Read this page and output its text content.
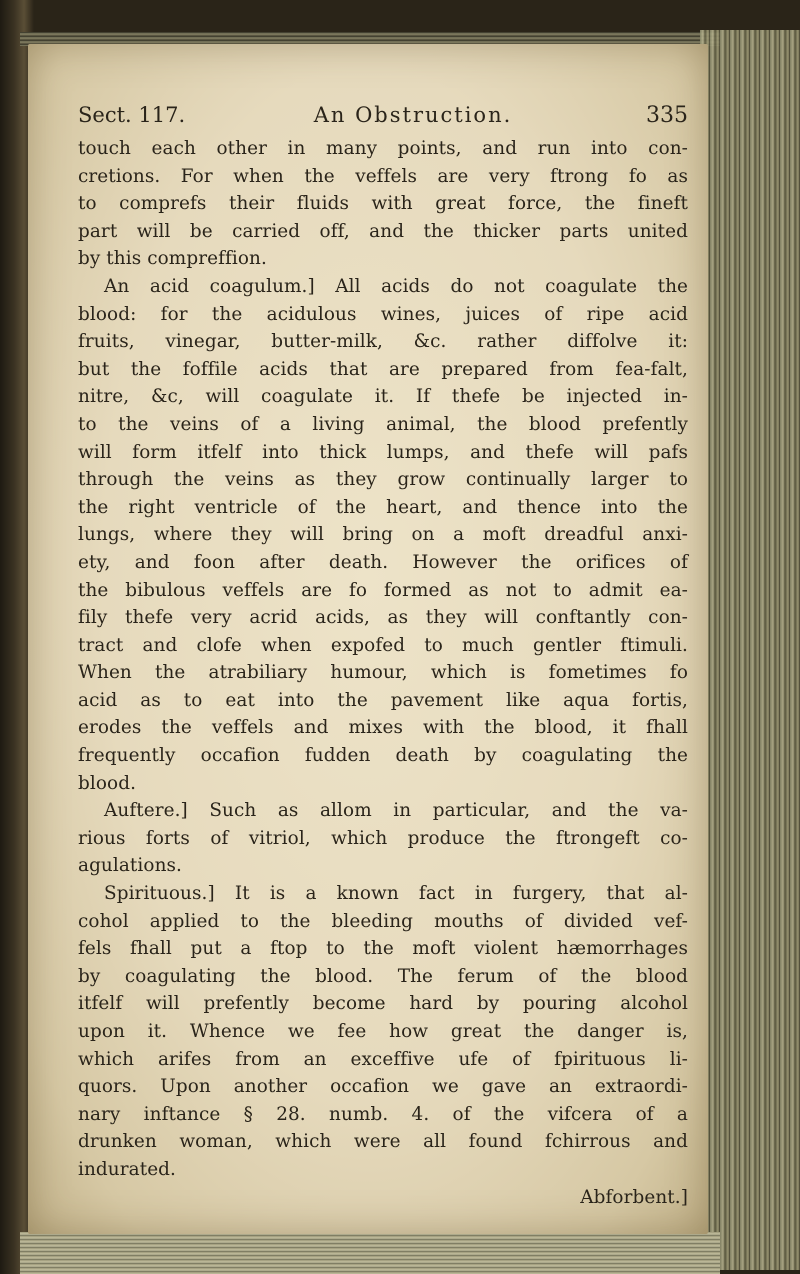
Sect. 117.	An Obstruction.	335
touch each other in many points, and run into con-
cretions. For when the veffels are very ftrong fo as
to comprefs their fluids with great force, the fineft
part will be carried off, and the thicker parts united
by this compreffion.
An acid coagulum.] All acids do not coagulate the
blood: for the acidulous wines, juices of ripe acid
fruits, vinegar, butter-milk, &c. rather diffolve it:
but the foffile acids that are prepared from fea-falt,
nitre, &c, will coagulate it. If thefe be injected in-
to the veins of a living animal, the blood prefently
will form itfelf into thick lumps, and thefe will pafs
through the veins as they grow continually larger to
the right ventricle of the heart, and thence into the
lungs, where they will bring on a moft dreadful anxi-
ety, and foon after death. However the orifices of
the bibulous veffels are fo formed as not to admit ea-
fily thefe very acrid acids, as they will conftantly con-
tract and clofe when expofed to much gentler ftimuli.
When the atrabiliary humour, which is fometimes fo
acid as to eat into the pavement like aqua fortis,
erodes the veffels and mixes with the blood, it fhall
frequently occafion fudden death by coagulating the
blood.
Auftere.] Such as allom in particular, and the va-
rious forts of vitriol, which produce the ftrongeft co-
agulations.
Spirituous.] It is a known fact in furgery, that al-
cohol applied to the bleeding mouths of divided vef-
fels fhall put a ftop to the moft violent hæmorrhages
by coagulating the blood. The ferum of the blood
itfelf will prefently become hard by pouring alcohol
upon it. Whence we fee how great the danger is,
which arifes from an exceffive ufe of fpirituous li-
quors. Upon another occafion we gave an extraordi-
nary inftance § 28. numb. 4. of the vifcera of a
drunken woman, which were all found fchirrous and
indurated.
Abforbent.]
